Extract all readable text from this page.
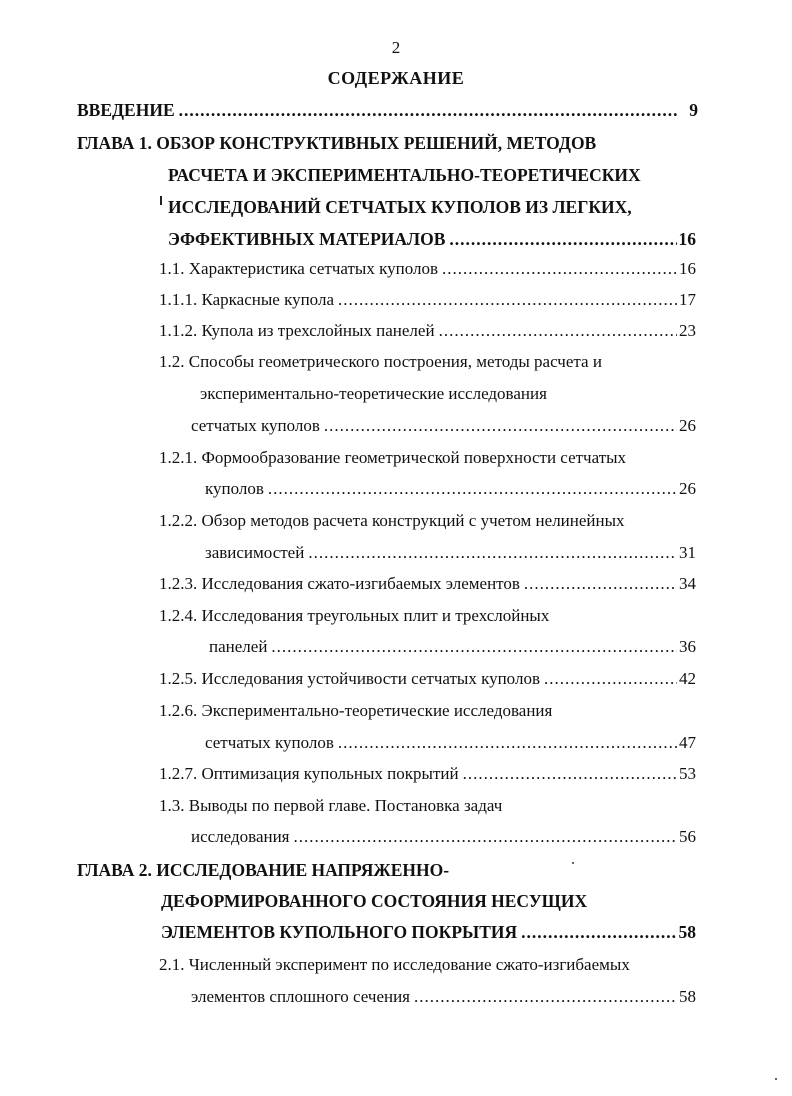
2
СОДЕРЖАНИЕ
ВВЕДЕНИЕ .....	9
ГЛАВА 1. ОБЗОР КОНСТРУКТИВНЫХ РЕШЕНИЙ, МЕТОДОВ
РАСЧЕТА И ЭКСПЕРИМЕНТАЛЬНО-ТЕОРЕТИЧЕСКИХ
ИССЛЕДОВАНИЙ СЕТЧАТЫХ КУПОЛОВ ИЗ ЛЕГКИХ,
ЭФФЕКТИВНЫХ МАТЕРИАЛОВ .....	16
1.1. Характеристика сетчатых куполов .....	16
1.1.1. Каркасные купола .....	17
1.1.2. Купола из трехслойных панелей .....	23
1.2. Способы геометрического построения, методы расчета и
экспериментально-теоретические исследования
сетчатых куполов .....	26
1.2.1. Формообразование геометрической поверхности сетчатых
куполов .....	26
1.2.2. Обзор методов расчета конструкций с учетом нелинейных
зависимостей .....	31
1.2.3. Исследования сжато-изгибаемых элементов .....	34
1.2.4. Исследования треугольных плит и трехслойных
панелей .....	36
1.2.5. Исследования устойчивости сетчатых куполов .....	42
1.2.6. Экспериментально-теоретические исследования
сетчатых куполов .....	47
1.2.7. Оптимизация купольных покрытий .....	53
1.3. Выводы по первой главе. Постановка задач
исследования .....	56
ГЛАВА 2. ИССЛЕДОВАНИЕ НАПРЯЖЕННО-
ДЕФОРМИРОВАННОГО СОСТОЯНИЯ НЕСУЩИХ
ЭЛЕМЕНТОВ КУПОЛЬНОГО ПОКРЫТИЯ .....	58
2.1. Численный эксперимент по исследование сжато-изгибаемых
элементов сплошного сечения .....	58
